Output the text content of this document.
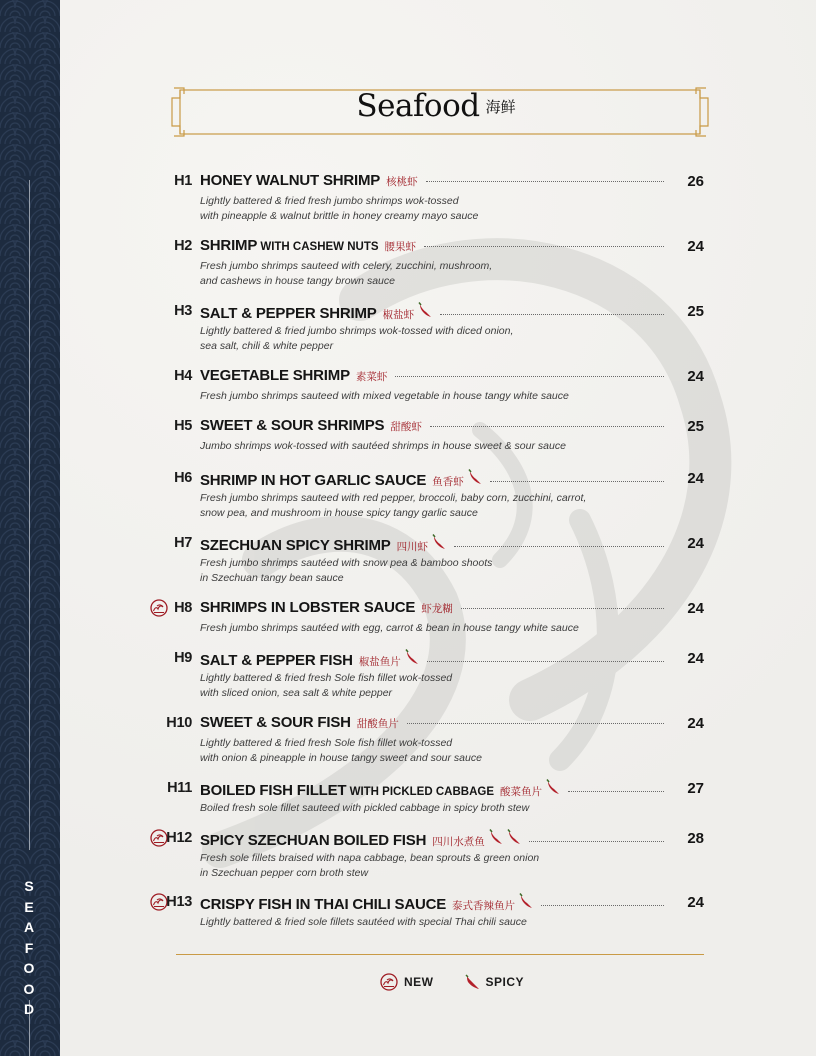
S
E
A
F
O
O
D
Seafood 海鲜
H1 HONEY WALNUT SHRIMP 核桃虾	26
Lightly battered & fried fresh jumbo shrimps wok-tossed
with pineapple & walnut brittle in honey creamy mayo sauce
H2 SHRIMP WITH CASHEW NUTS 腰果虾	24
Fresh jumbo shrimps sauteed with celery, zucchini, mushroom,
and cashews in house tangy brown sauce
H3 SALT & PEPPER SHRIMP 椒盐虾	25
Lightly battered & fried jumbo shrimps wok-tossed with diced onion,
sea salt, chili & white pepper
H4 VEGETABLE SHRIMP 素菜虾	24
Fresh jumbo shrimps sauteed with mixed vegetable in house tangy white sauce
H5 SWEET & SOUR SHRIMPS 甜酸虾	25
Jumbo shrimps wok-tossed with sautéed shrimps in house sweet & sour sauce
H6 SHRIMP IN HOT GARLIC SAUCE 鱼香虾	24
Fresh jumbo shrimps sauteed with red pepper, broccoli, baby corn, zucchini, carrot,
snow pea, and mushroom in house spicy tangy garlic sauce
H7 SZECHUAN SPICY SHRIMP 四川虾	24
Fresh jumbo shrimps sautéed with snow pea & bamboo shoots
in Szechuan tangy bean sauce
H8 SHRIMPS IN LOBSTER SAUCE 虾龙糊	24
Fresh jumbo shrimps sautéed with egg, carrot & bean in house tangy white sauce
H9 SALT & PEPPER FISH 椒盐鱼片	24
Lightly battered & fried fresh Sole fish fillet wok-tossed
with sliced onion, sea salt & white pepper
H10 SWEET & SOUR FISH 甜酸鱼片	24
Lightly battered & fried fresh Sole fish fillet wok-tossed
with onion & pineapple in house tangy sweet and sour sauce
H11 BOILED FISH FILLET WITH PICKLED CABBAGE 酸菜鱼片	27
Boiled fresh sole fillet sauteed with pickled cabbage in spicy broth stew
H12 SPICY SZECHUAN BOILED FISH 四川水煮鱼	28
Fresh sole fillets braised with napa cabbage, bean sprouts & green onion
in Szechuan pepper corn broth stew
H13 CRISPY FISH IN THAI CHILI SAUCE 泰式香辣鱼片	24
Lightly battered & fried sole fillets sautéed with special Thai chili sauce
NEW	SPICY
